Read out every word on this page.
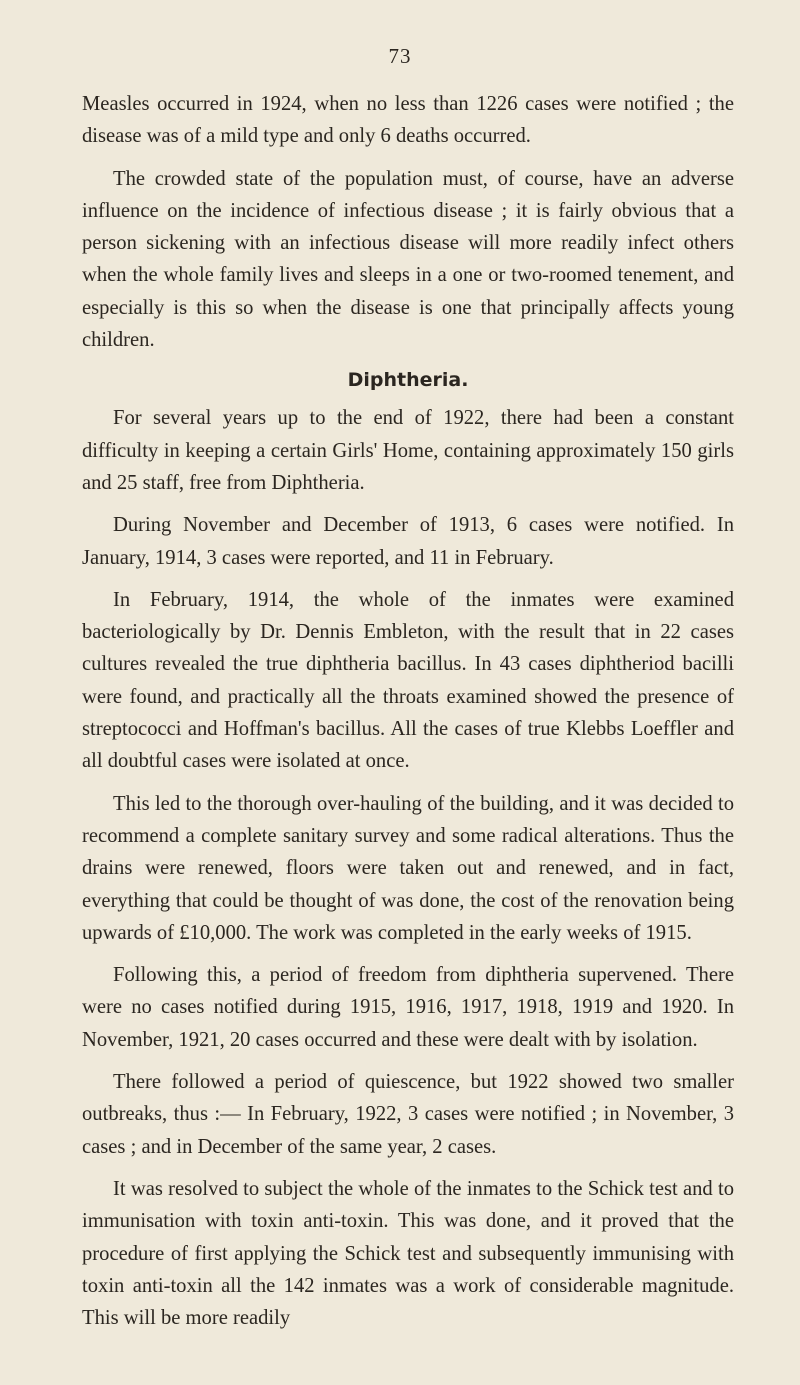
73

Measles occurred in 1924, when no less than 1226 cases were notified ; the disease was of a mild type and only 6 deaths occurred.

The crowded state of the population must, of course, have an adverse influence on the incidence of infectious disease ; it is fairly obvious that a person sickening with an infectious disease will more readily infect others when the whole family lives and sleeps in a one or two-roomed tenement, and especially is this so when the disease is one that principally affects young children.

Diphtheria.

For several years up to the end of 1922, there had been a constant difficulty in keeping a certain Girls' Home, containing approximately 150 girls and 25 staff, free from Diphtheria.

During November and December of 1913, 6 cases were notified. In January, 1914, 3 cases were reported, and 11 in February.

In February, 1914, the whole of the inmates were examined bacteriologically by Dr. Dennis Embleton, with the result that in 22 cases cultures revealed the true diphtheria bacillus. In 43 cases diphtheriod bacilli were found, and practically all the throats examined showed the presence of streptococci and Hoffman's bacillus. All the cases of true Klebbs Loeffler and all doubtful cases were isolated at once.

This led to the thorough over-hauling of the building, and it was decided to recommend a complete sanitary survey and some radical alterations. Thus the drains were renewed, floors were taken out and renewed, and in fact, everything that could be thought of was done, the cost of the renovation being upwards of £10,000. The work was completed in the early weeks of 1915.

Following this, a period of freedom from diphtheria supervened. There were no cases notified during 1915, 1916, 1917, 1918, 1919 and 1920. In November, 1921, 20 cases occurred and these were dealt with by isolation.

There followed a period of quiescence, but 1922 showed two smaller outbreaks, thus :— In February, 1922, 3 cases were notified ; in November, 3 cases ; and in December of the same year, 2 cases.

It was resolved to subject the whole of the inmates to the Schick test and to immunisation with toxin anti-toxin. This was done, and it proved that the procedure of first applying the Schick test and subsequently immunising with toxin anti-toxin all the 142 inmates was a work of considerable magnitude. This will be more readily
